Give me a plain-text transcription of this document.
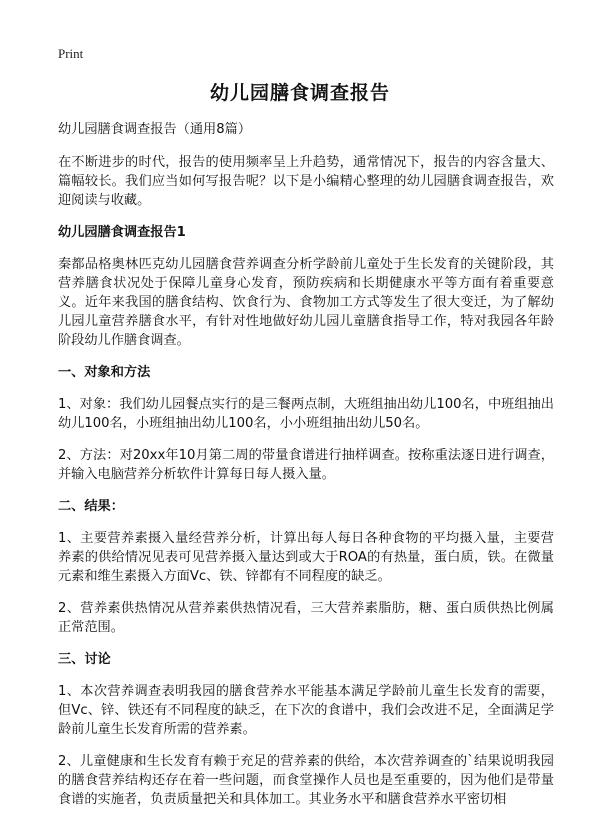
Print
幼儿园膳食调查报告

幼儿园膳食调查报告（通用8篇）

在不断进步的时代，报告的使用频率呈上升趋势，通常情况下，报告的内容含量大、篇幅较长。我们应当如何写报告呢？以下是小编精心整理的幼儿园膳食调查报告，欢迎阅读与收藏。

幼儿园膳食调查报告1

秦都品格奥林匹克幼儿园膳食营养调查分析学龄前儿童处于生长发育的关键阶段，其营养膳食状况处于保障儿童身心发育，预防疾病和长期健康水平等方面有着重要意义。近年来我国的膳食结构、饮食行为、食物加工方式等发生了很大变迁，为了解幼儿园儿童营养膳食水平，有针对性地做好幼儿园儿童膳食指导工作，特对我园各年龄阶段幼儿作膳食调查。

一、对象和方法

1、对象：我们幼儿园餐点实行的是三餐两点制，大班组抽出幼儿100名，中班组抽出幼儿100名，小班组抽出幼儿100名，小小班组抽出幼儿50名。

2、方法：对20xx年10月第二周的带量食谱进行抽样调查。按称重法逐日进行调查，并输入电脑营养分析软件计算每日每人摄入量。

二、结果：

1、主要营养素摄入量经营养分析，计算出每人每日各种食物的平均摄入量，主要营养素的供给情况见表可见营养摄入量达到或大于ROA的有热量，蛋白质，铁。在微量元素和维生素摄入方面Vc、铁、锌都有不同程度的缺乏。

2、营养素供热情况从营养素供热情况看，三大营养素脂肪，糖、蛋白质供热比例属正常范围。

三、讨论

1、本次营养调查表明我园的膳食营养水平能基本满足学龄前儿童生长发育的需要，但Vc、锌、铁还有不同程度的缺乏，在下次的食谱中，我们会改进不足，全面满足学龄前儿童生长发育所需的营养素。

2、儿童健康和生长发育有赖于充足的营养素的供给，本次营养调查的`结果说明我园的膳食营养结构还存在着一些问题，而食堂操作人员也是至重要的，因为他们是带量食谱的实施者，负责质量把关和具体加工。其业务水平和膳食营养水平密切相
